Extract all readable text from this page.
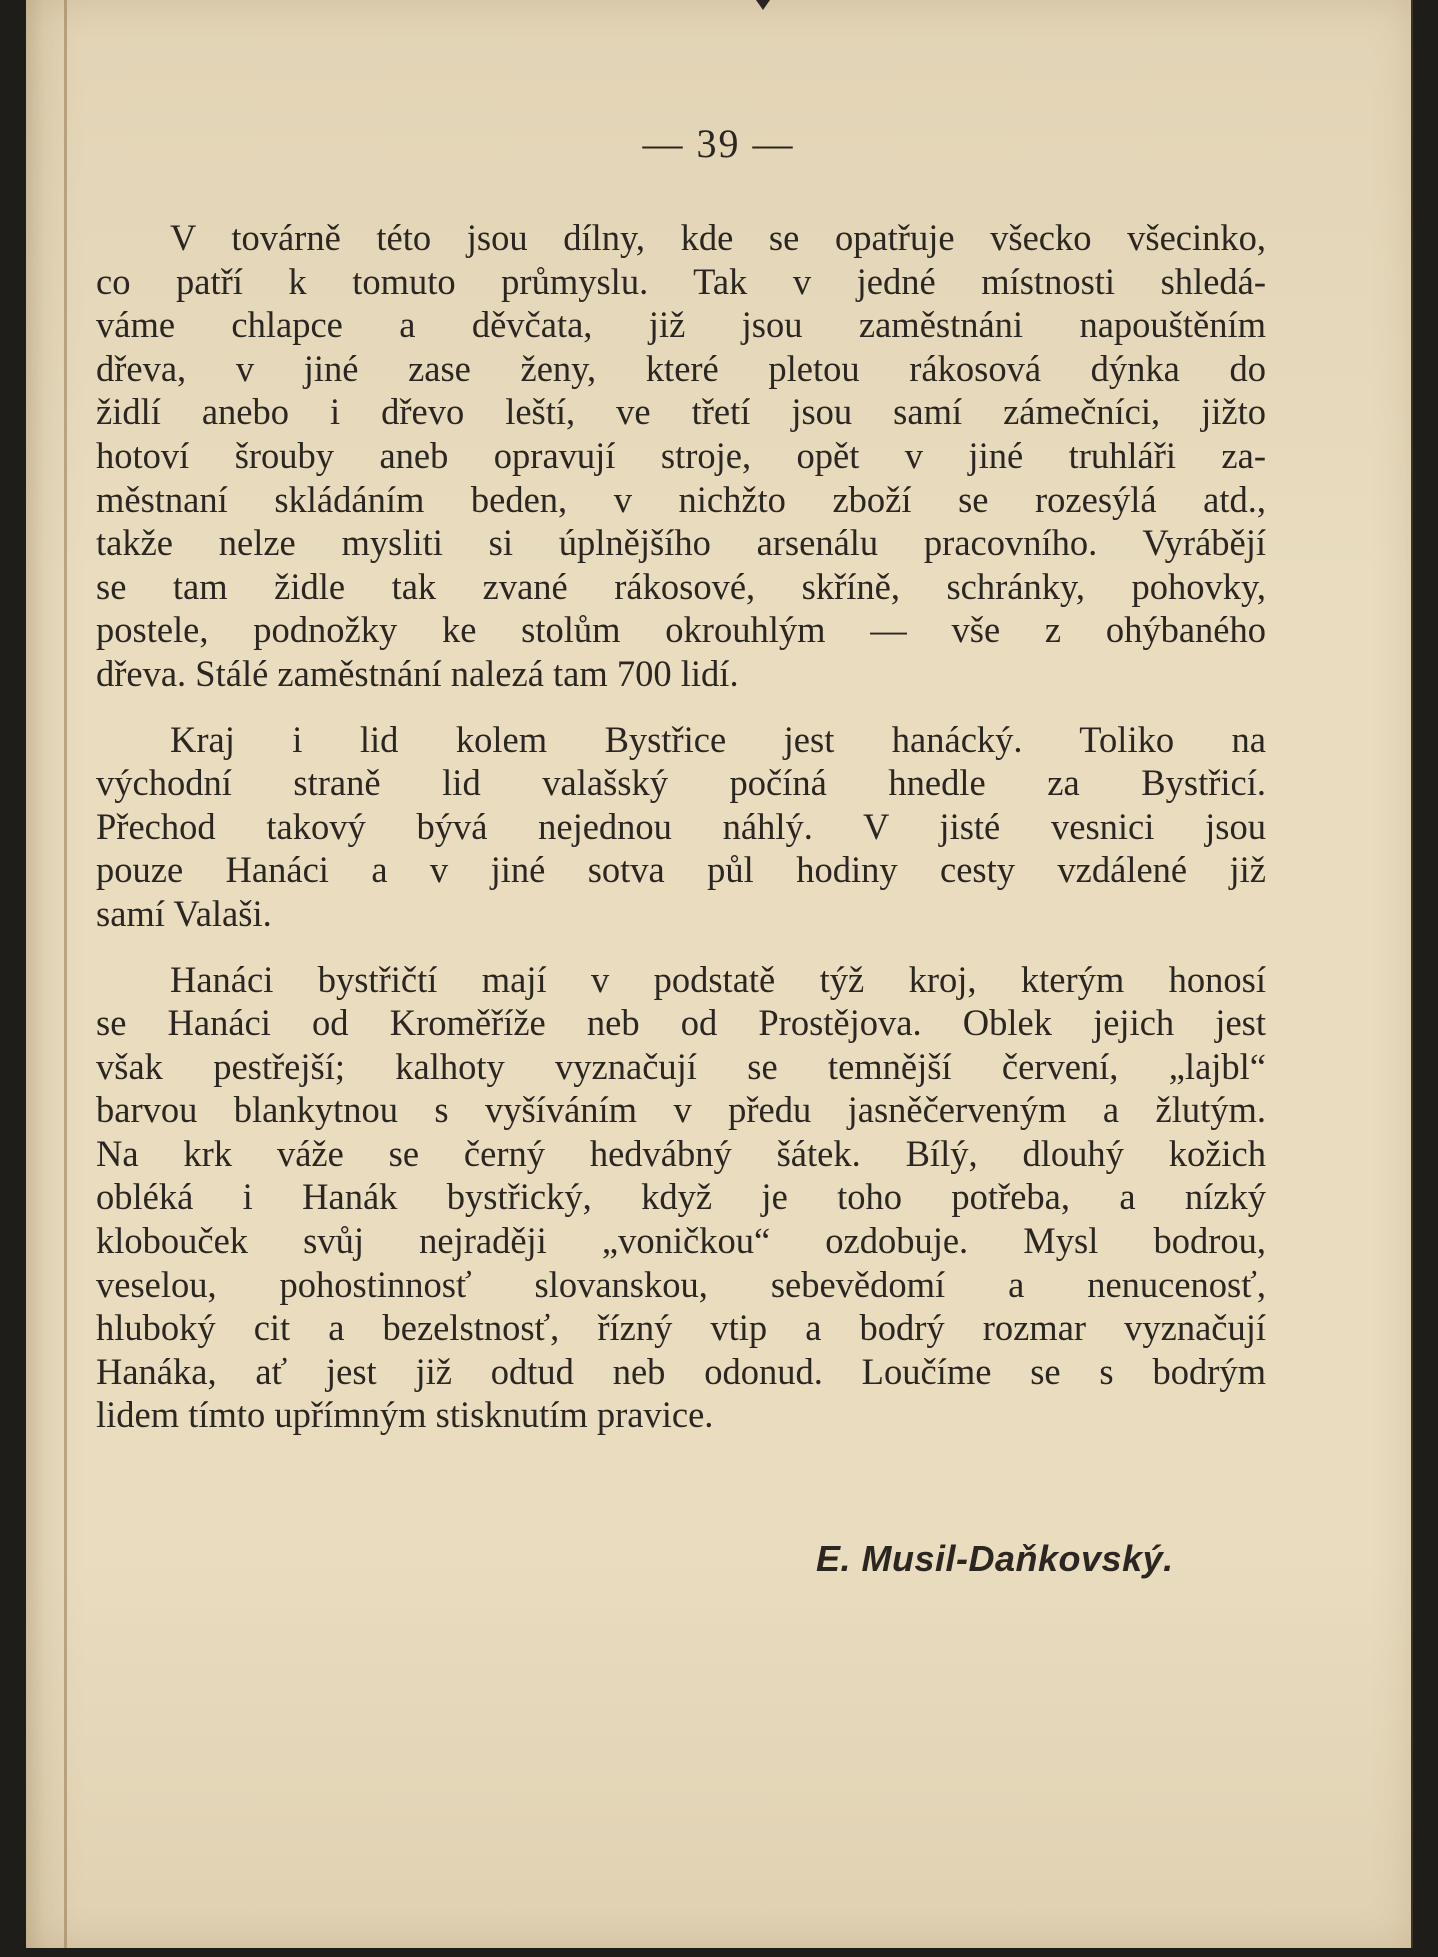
— 39 —
V továrně této jsou dílny, kde se opatřuje všecko všecinko,
co patří k tomuto průmyslu. Tak v jedné místnosti shledá-
váme chlapce a děvčata, již jsou zaměstnáni napouštěním
dřeva, v jiné zase ženy, které pletou rákosová dýnka do
židlí anebo i dřevo leští, ve třetí jsou samí zámečníci, jižto
hotoví šrouby aneb opravují stroje, opět v jiné truhláři za-
městnaní skládáním beden, v nichžto zboží se rozesýlá atd.,
takže nelze mysliti si úplnějšího arsenálu pracovního. Vyrábějí
se tam židle tak zvané rákosové, skříně, schránky, pohovky,
postele, podnožky ke stolům okrouhlým — vše z ohýbaného
dřeva. Stálé zaměstnání nalezá tam 700 lidí.
Kraj i lid kolem Bystřice jest hanácký. Toliko na
východní straně lid valašský počíná hnedle za Bystřicí.
Přechod takový bývá nejednou náhlý. V jisté vesnici jsou
pouze Hanáci a v jiné sotva půl hodiny cesty vzdálené již
samí Valaši.
Hanáci bystřičtí mají v podstatě týž kroj, kterým honosí
se Hanáci od Kroměříže neb od Prostějova. Oblek jejich jest
však pestřejší; kalhoty vyznačují se temnější červení, „lajbl“
barvou blankytnou s vyšíváním v předu jasněčerveným a žlutým.
Na krk váže se černý hedvábný šátek. Bílý, dlouhý kožich
obléká i Hanák bystřický, když je toho potřeba, a nízký
klobouček svůj nejraději „voničkou“ ozdobuje. Mysl bodrou,
veselou, pohostinnosť slovanskou, sebevědomí a nenucenosť,
hluboký cit a bezelstnosť, řízný vtip a bodrý rozmar vyznačují
Hanáka, ať jest již odtud neb odonud. Loučíme se s bodrým
lidem tímto upřímným stisknutím pravice.
E. Musil-Daňkovský.
